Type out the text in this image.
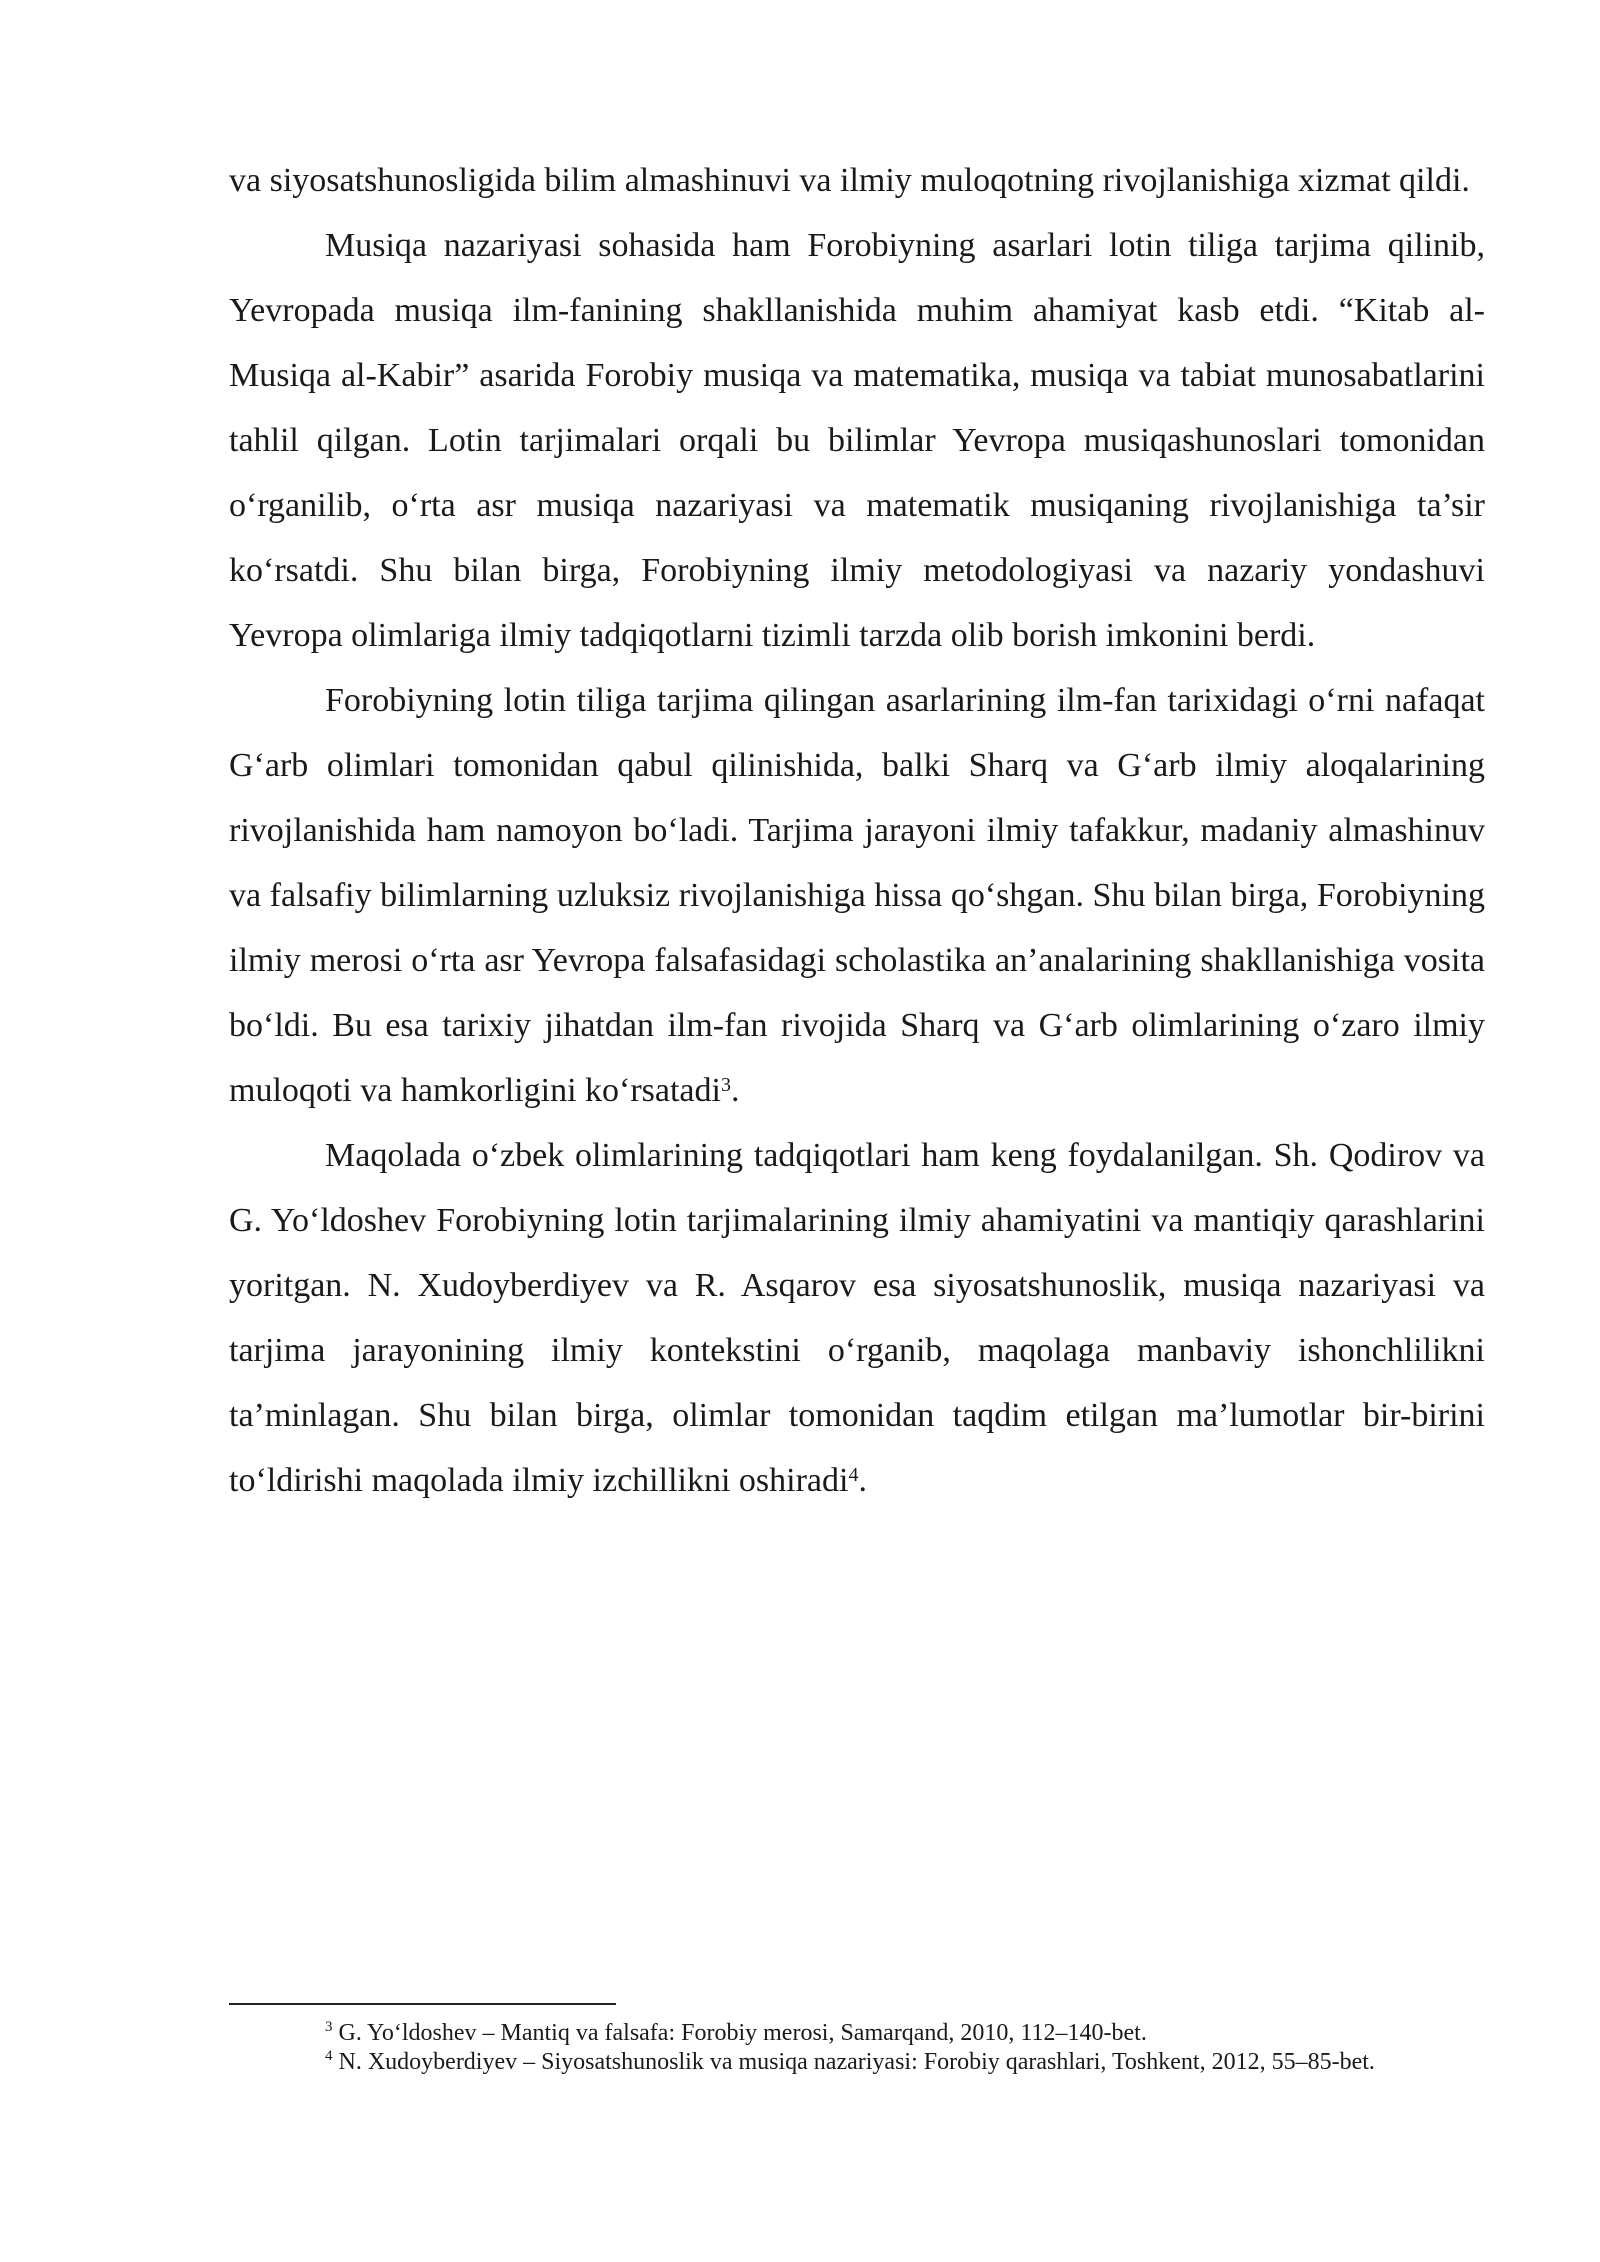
va siyosatshunosligida bilim almashinuvi va ilmiy muloqotning rivojlanishiga xizmat qildi.

Musiqa nazariyasi sohasida ham Forobiyning asarlari lotin tiliga tarjima qilinib, Yevropada musiqa ilm-fanining shakllanishida muhim ahamiyat kasb etdi. “Kitab al-Musiqa al-Kabir” asarida Forobiy musiqa va matematika, musiqa va tabiat munosabatlarini tahlil qilgan. Lotin tarjimalari orqali bu bilimlar Yevropa musiqashunoslari tomonidan o‘rganilib, o‘rta asr musiqa nazariyasi va matematik musiqaning rivojlanishiga ta’sir ko‘rsatdi. Shu bilan birga, Forobiyning ilmiy metodologiyasi va nazariy yondashuvi Yevropa olimlariga ilmiy tadqiqotlarni tizimli tarzda olib borish imkonini berdi.

Forobiyning lotin tiliga tarjima qilingan asarlarining ilm-fan tarixidagi o‘rni nafaqat G‘arb olimlari tomonidan qabul qilinishida, balki Sharq va G‘arb ilmiy aloqalarining rivojlanishida ham namoyon bo‘ladi. Tarjima jarayoni ilmiy tafakkur, madaniy almashinuv va falsafiy bilimlarning uzluksiz rivojlanishiga hissa qo‘shgan. Shu bilan birga, Forobiyning ilmiy merosi o‘rta asr Yevropa falsafasidagi scholastika an’analarining shakllanishiga vosita bo‘ldi. Bu esa tarixiy jihatdan ilm-fan rivojida Sharq va G‘arb olimlarining o‘zaro ilmiy muloqoti va hamkorligini ko‘rsatadi$^3$.

Maqolada o‘zbek olimlarining tadqiqotlari ham keng foydalanilgan. Sh. Qodirov va G. Yo‘ldoshev Forobiyning lotin tarjimalarining ilmiy ahamiyatini va mantiqiy qarashlarini yoritgan. N. Xudoyberdiyev va R. Asqarov esa siyosatshunoslik, musiqa nazariyasi va tarjima jarayonining ilmiy kontekstini o‘rganib, maqolaga manbaviy ishonchlilikni ta’minlagan. Shu bilan birga, olimlar tomonidan taqdim etilgan ma’lumotlar bir-birini to‘ldirishi maqolada ilmiy izchillikni oshiradi$^4$.

$^3$ G. Yo‘ldoshev – Mantiq va falsafa: Forobiy merosi, Samarqand, 2010, 112–140-bet.

$^4$ N. Xudoyberdiyev – Siyosatshunoslik va musiqa nazariyasi: Forobiy qarashlari, Toshkent, 2012, 55–85-bet.
